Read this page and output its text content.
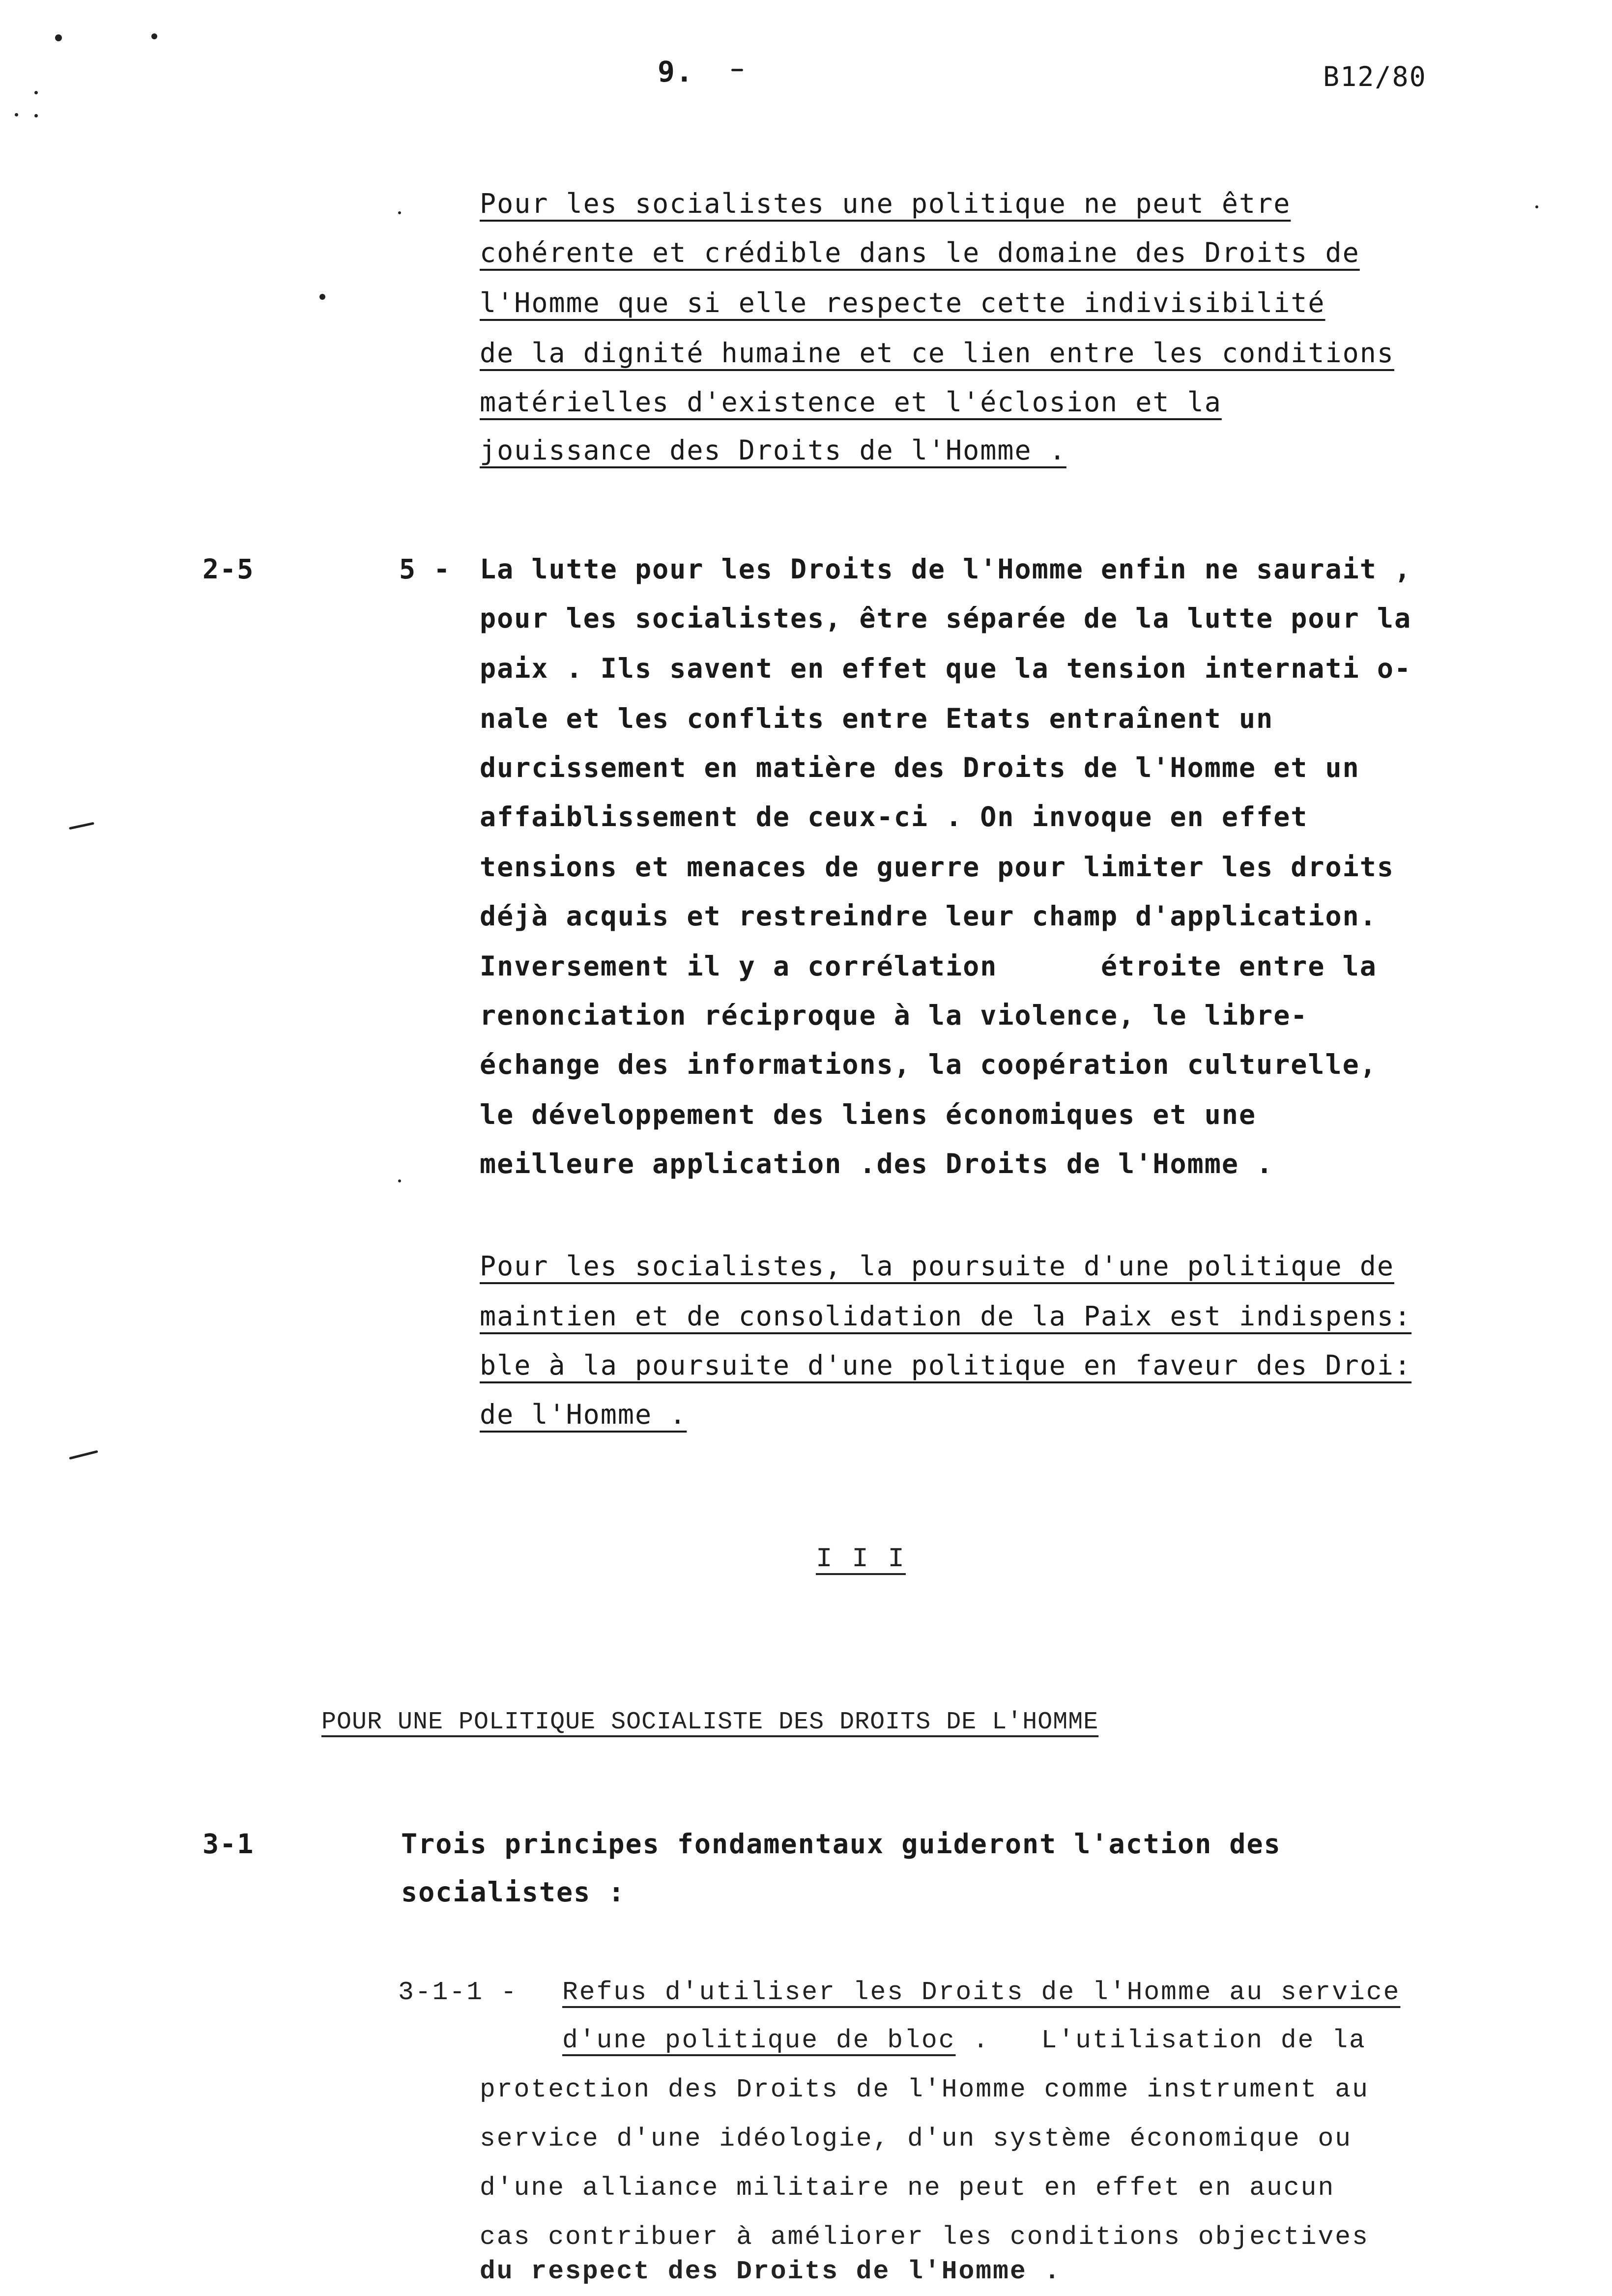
9.	B12/80
Pour les socialistes une politique ne peut être
cohérente et crédible dans le domaine des Droits de
l'Homme que si elle respecte cette indivisibilité
de la dignité humaine et ce lien entre les conditions
matérielles d'existence et l'éclosion et la
jouissance des Droits de l'Homme .
2-5	5 - La lutte pour les Droits de l'Homme enfin ne saurait ,
pour les socialistes, être séparée de la lutte pour la
paix . Ils savent en effet que la tension internati o-
nale et les conflits entre Etats entraînent un
durcissement en matière des Droits de l'Homme et un
affaiblissement de ceux-ci . On invoque en effet
tensions et menaces de guerre pour limiter les droits
déjà acquis et restreindre leur champ d'application.
Inversement il y a corrélation      étroite entre la
renonciation réciproque à la violence, le libre-
échange des informations, la coopération culturelle,
le développement des liens économiques et une
meilleure application .des Droits de l'Homme .
Pour les socialistes, la poursuite d'une politique de
maintien et de consolidation de la Paix est indispens:
ble à la poursuite d'une politique en faveur des Droi:
de l'Homme .
I I I
POUR UNE POLITIQUE SOCIALISTE DES DROITS DE L'HOMME
3-1	Trois principes fondamentaux guideront l'action des
socialistes :
3-1-1 - Refus d'utiliser les Droits de l'Homme au service
d'une politique de bloc .   L'utilisation de la
protection des Droits de l'Homme comme instrument au
service d'une idéologie, d'un système économique ou
d'une alliance militaire ne peut en effet en aucun
cas contribuer à améliorer les conditions objectives
du respect des Droits de l'Homme .
